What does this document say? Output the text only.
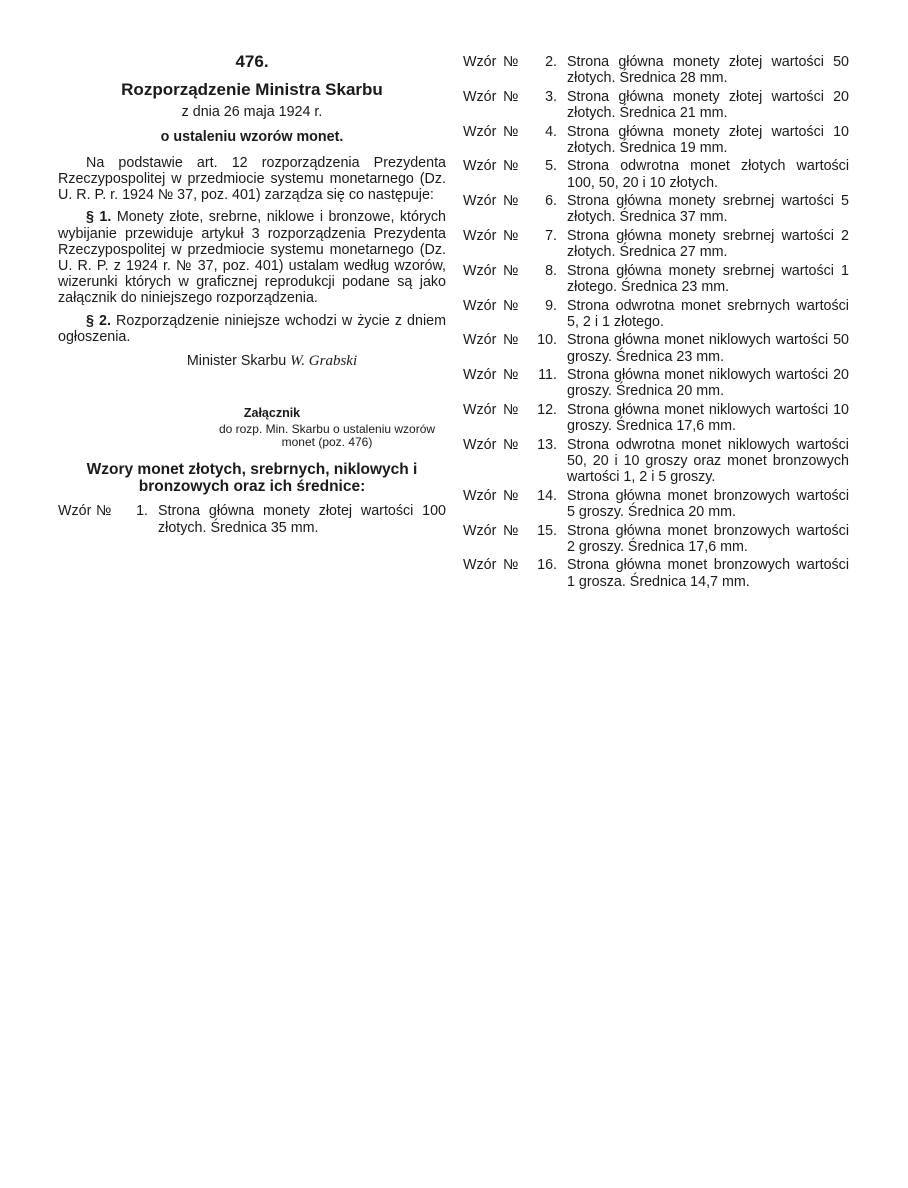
476.
Rozporządzenie Ministra Skarbu
z dnia 26 maja 1924 r.
o ustaleniu wzorów monet.

Na podstawie art. 12 rozporządzenia Prezydenta Rzeczypospolitej w przedmiocie systemu monetarnego (Dz. U. R. P. r. 1924 № 37, poz. 401) zarządza się co następuje:

§ 1. Monety złote, srebrne, niklowe i bronzowe, których wybijanie przewiduje artykuł 3 rozporządzenia Prezydenta Rzeczypospolitej w przedmiocie systemu monetarnego (Dz. U. R. P. z 1924 r. № 37, poz. 401) ustalam według wzorów, wizerunki których w graficznej reprodukcji podane są jako załącznik do niniejszego rozporządzenia.

§ 2. Rozporządzenie niniejsze wchodzi w życie z dniem ogłoszenia.

Minister Skarbu W. Grabski
Załącznik
do rozp. Min. Skarbu o ustaleniu wzorów monet (poz. 476)
Wzory monet złotych, srebrnych, niklowych i bronzowych oraz ich średnice:
Wzór №	1. Strona główna monety złotej wartości 100 złotych. Średnica 35 mm.
Wzór №	2. Strona główna monety złotej wartości 50 złotych. Średnica 28 mm.
Wzór №	3. Strona główna monety złotej wartości 20 złotych. Średnica 21 mm.
Wzór №	4. Strona główna monety złotej wartości 10 złotych. Średnica 19 mm.
Wzór №	5. Strona odwrotna monet złotych wartości 100, 50, 20 i 10 złotych.
Wzór №	6. Strona główna monety srebrnej wartości 5 złotych. Średnica 37 mm.
Wzór №	7. Strona główna monety srebrnej wartości 2 złotych. Średnica 27 mm.
Wzór №	8. Strona główna monety srebrnej wartości 1 złotego. Średnica 23 mm.
Wzór №	9. Strona odwrotna monet srebrnych wartości 5, 2 i 1 złotego.
Wzór №	10. Strona główna monet niklowych wartości 50 groszy. Średnica 23 mm.
Wzór №	11. Strona główna monet niklowych wartości 20 groszy. Średnica 20 mm.
Wzór №	12. Strona główna monet niklowych wartości 10 groszy. Średnica 17,6 mm.
Wzór №	13. Strona odwrotna monet niklowych wartości 50, 20 i 10 groszy oraz monet bronzowych wartości 1, 2 i 5 groszy.
Wzór №	14. Strona główna monet bronzowych wartości 5 groszy. Średnica 20 mm.
Wzór №	15. Strona główna monet bronzowych wartości 2 groszy. Średnica 17,6 mm.
Wzór №	16. Strona główna monet bronzowych wartości 1 grosza. Średnica 14,7 mm.
